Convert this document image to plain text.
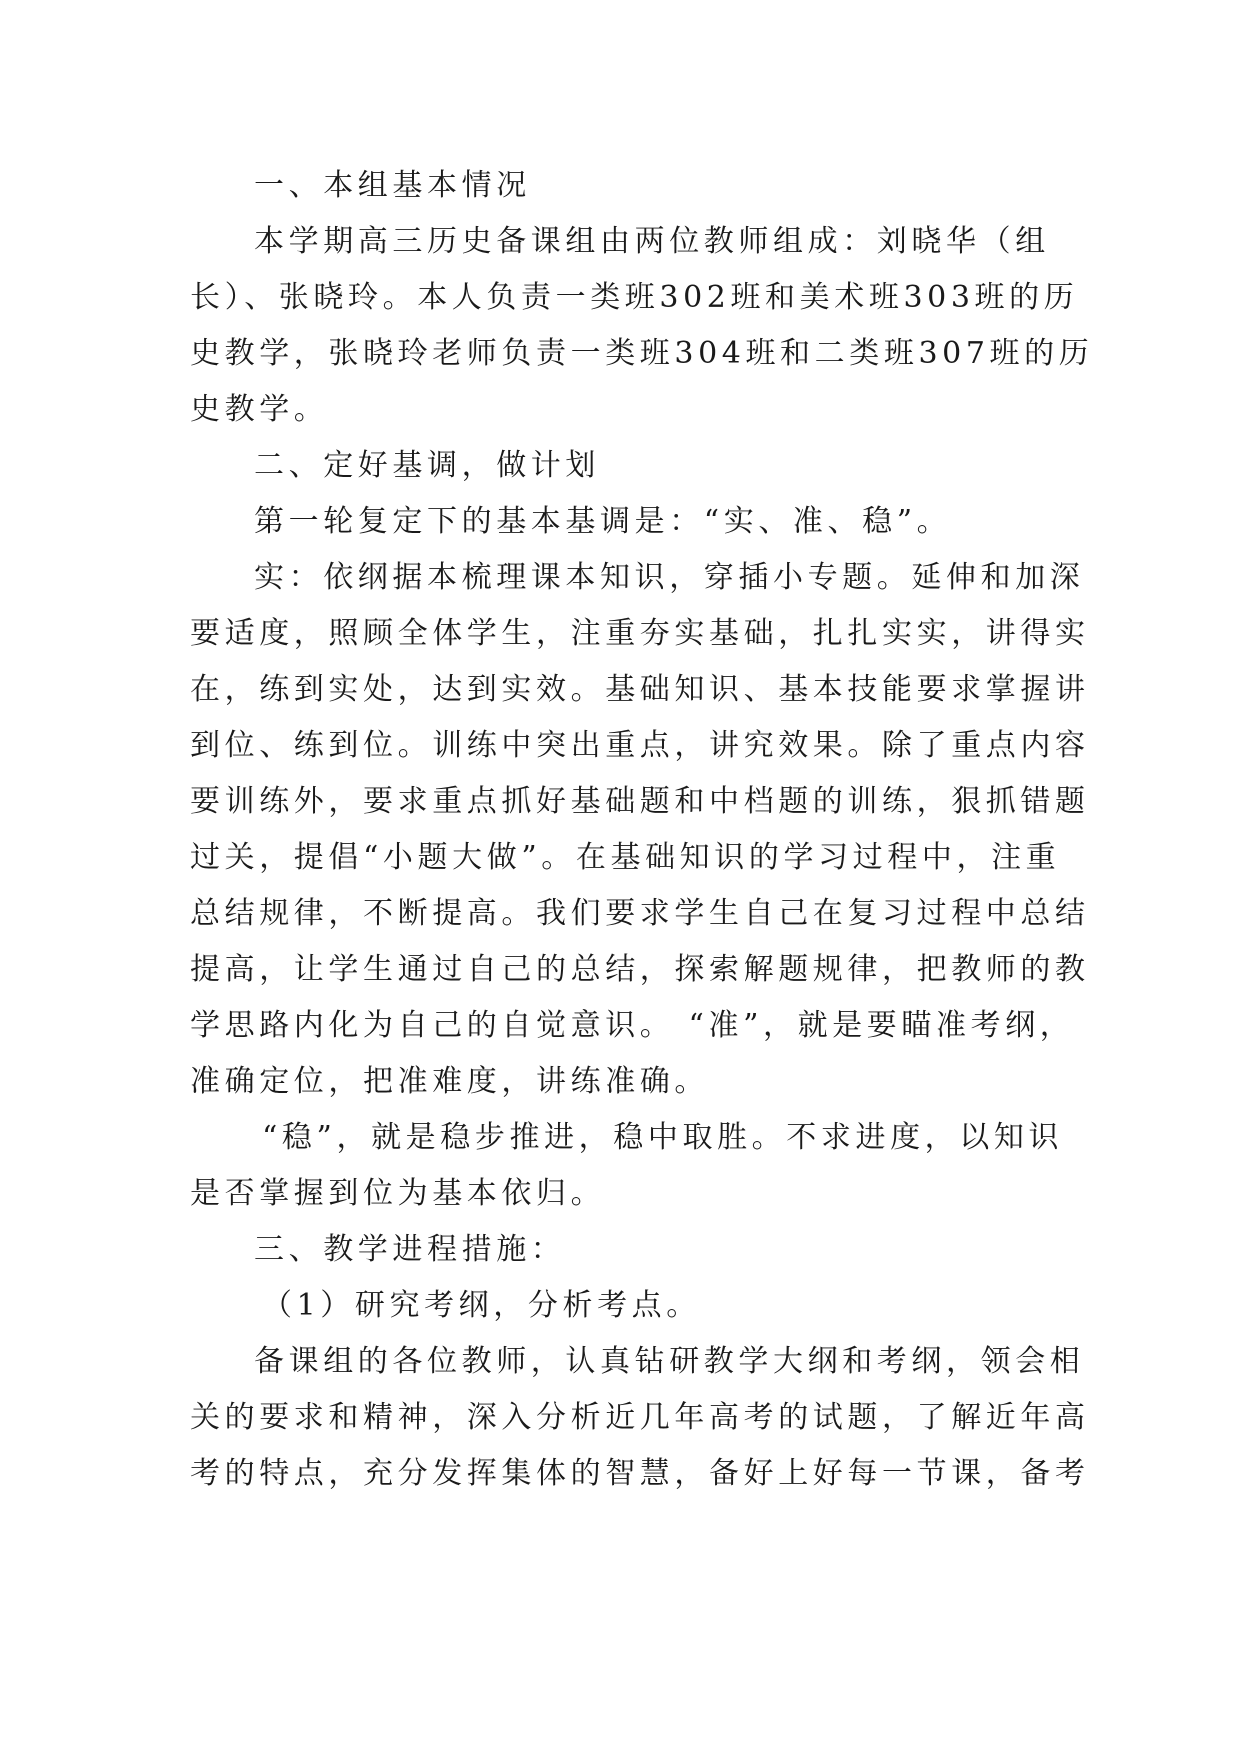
一、本组基本情况
本学期高三历史备课组由两位教师组成：刘晓华（组
长）、张晓玲。本人负责一类班302班和美术班303班的历
史教学，张晓玲老师负责一类班304班和二类班307班的历
史教学。
二、定好基调，做计划
第一轮复定下的基本基调是：“实、准、稳”。
实：依纲据本梳理课本知识，穿插小专题。延伸和加深
要适度，照顾全体学生，注重夯实基础，扎扎实实，讲得实
在，练到实处，达到实效。基础知识、基本技能要求掌握讲
到位、练到位。训练中突出重点，讲究效果。除了重点内容
要训练外，要求重点抓好基础题和中档题的训练，狠抓错题
过关，提倡“小题大做”。在基础知识的学习过程中，注重
总结规律，不断提高。我们要求学生自己在复习过程中总结
提高，让学生通过自己的总结，探索解题规律，把教师的教
学思路内化为自己的自觉意识。 “准”，就是要瞄准考纲，
准确定位，把准难度，讲练准确。
“稳”，就是稳步推进，稳中取胜。不求进度，以知识
是否掌握到位为基本依归。
三、教学进程措施：
（1）研究考纲，分析考点。
备课组的各位教师，认真钻研教学大纲和考纲，领会相
关的要求和精神，深入分析近几年高考的试题，了解近年高
考的特点，充分发挥集体的智慧，备好上好每一节课，备考
